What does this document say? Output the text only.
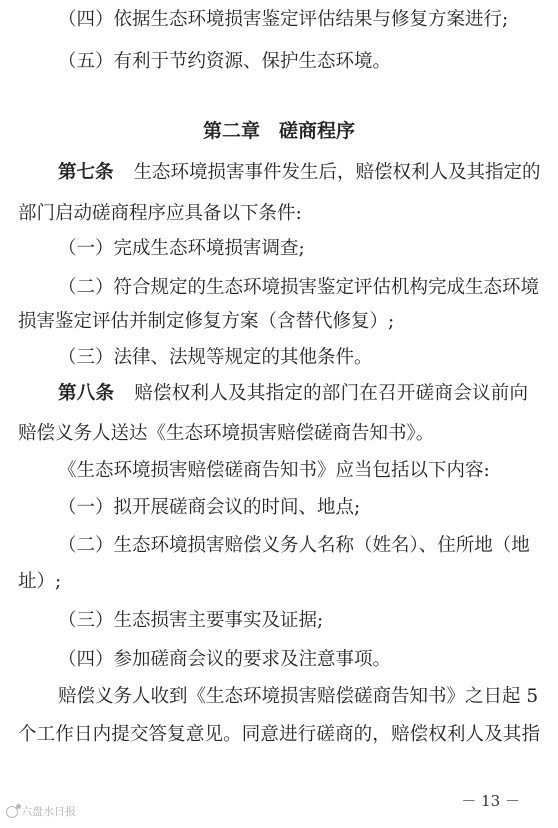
（四）依据生态环境损害鉴定评估结果与修复方案进行;
（五）有利于节约资源、保护生态环境。
第二章　磋商程序
第七条 生态环境损害事件发生后，赔偿权利人及其指定的
部门启动磋商程序应具备以下条件:
（一）完成生态环境损害调查;
（二）符合规定的生态环境损害鉴定评估机构完成生态环境
损害鉴定评估并制定修复方案（含替代修复）;
（三）法律、法规等规定的其他条件。
第八条 赔偿权利人及其指定的部门在召开磋商会议前向
赔偿义务人送达《生态环境损害赔偿磋商告知书》。
《生态环境损害赔偿磋商告知书》应当包括以下内容:
（一）拟开展磋商会议的时间、地点;
（二）生态环境损害赔偿义务人名称（姓名）、住所地（地
址）;
（三）生态损害主要事实及证据;
（四）参加磋商会议的要求及注意事项。
赔偿义务人收到《生态环境损害赔偿磋商告知书》之日起 5
个工作日内提交答复意见。同意进行磋商的，赔偿权利人及其指
六盘水日报
－ 13 －
